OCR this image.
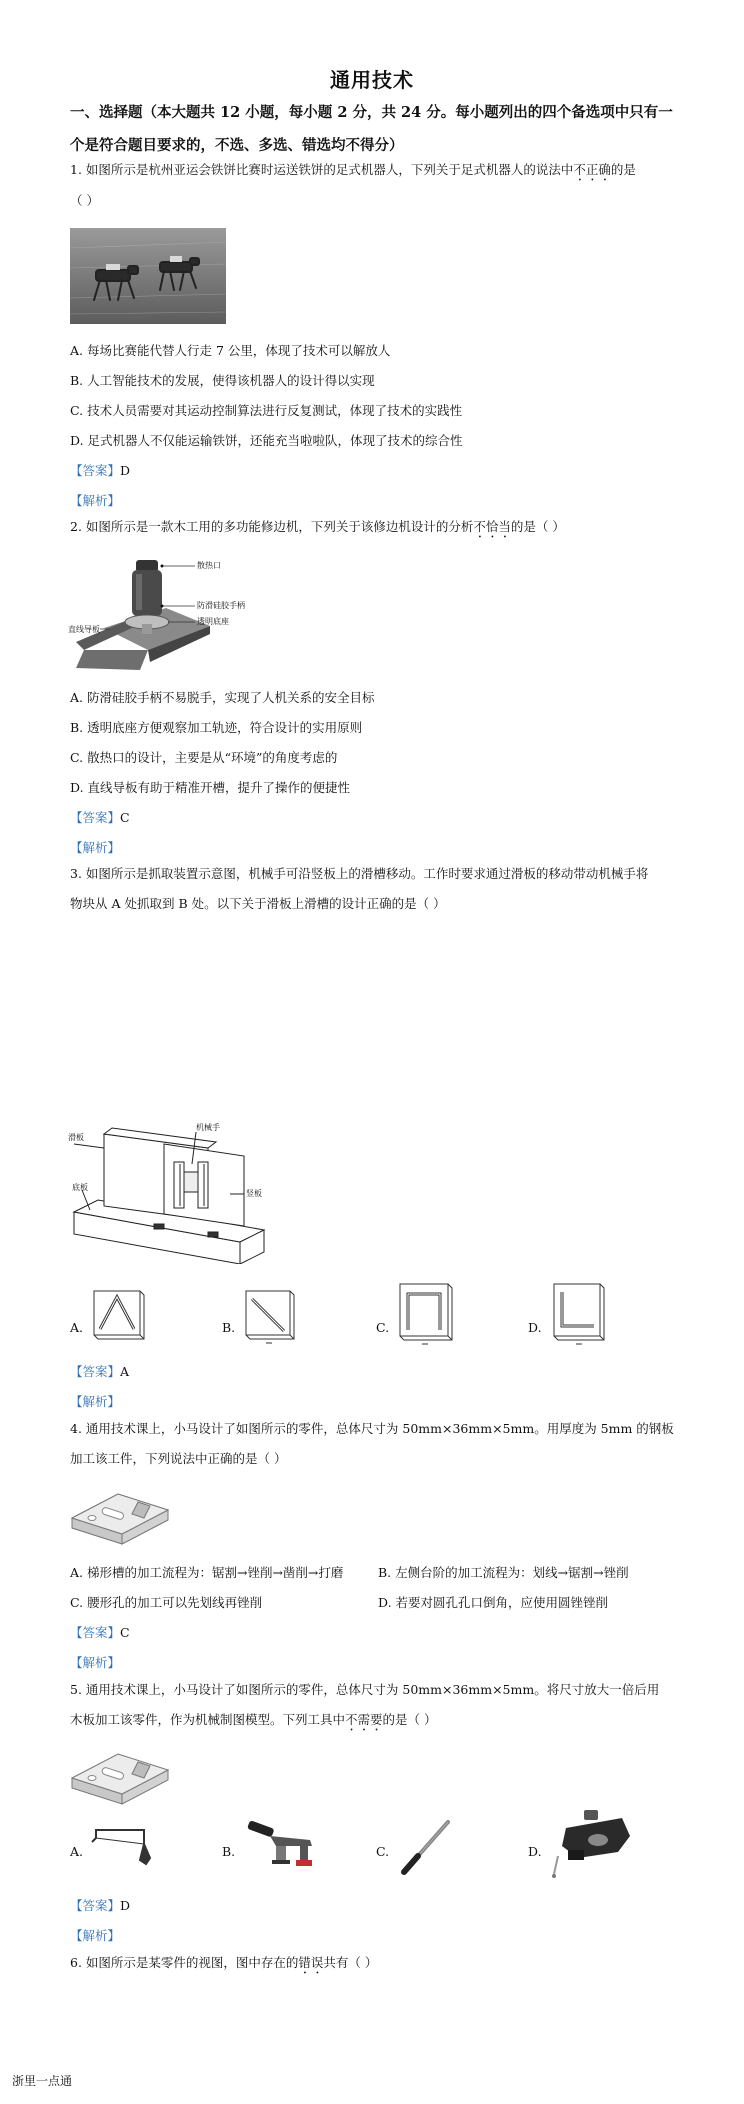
通用技术
一、选择题（本大题共 12 小题，每小题 2 分，共 24 分。每小题列出的四个备选项中只有一
个是符合题目要求的，不选、多选、错选均不得分）
1. 如图所示是杭州亚运会铁饼比赛时运送铁饼的足式机器人，下列关于足式机器人的说法中不正确的是
（ ）
A. 每场比赛能代替人行走 7 公里，体现了技术可以解放人
B. 人工智能技术的发展，使得该机器人的设计得以实现
C. 技术人员需要对其运动控制算法进行反复测试，体现了技术的实践性
D. 足式机器人不仅能运输铁饼，还能充当啦啦队，体现了技术的综合性
【答案】D
【解析】
2. 如图所示是一款木工用的多功能修边机，下列关于该修边机设计的分析不恰当的是（ ）
散热口
防滑硅胶手柄
透明底座
直线导板
A. 防滑硅胶手柄不易脱手，实现了人机关系的安全目标
B. 透明底座方便观察加工轨迹，符合设计的实用原则
C. 散热口的设计，主要是从“环境”的角度考虑的
D. 直线导板有助于精准开槽，提升了操作的便捷性
【答案】C
【解析】
3. 如图所示是抓取装置示意图，机械手可沿竖板上的滑槽移动。工作时要求通过滑板的移动带动机械手将
物块从 A 处抓取到 B 处。以下关于滑板上滑槽的设计正确的是（ ）
滑板
机械手
底板
竖板
A.	B.	C.	D.
【答案】A
【解析】
4. 通用技术课上，小马设计了如图所示的零件，总体尺寸为 50mm×36mm×5mm。用厚度为 5mm 的钢板
加工该工件，下列说法中正确的是（ ）
A. 梯形槽的加工流程为：锯割→锉削→凿削→打磨	B. 左侧台阶的加工流程为：划线→锯割→锉削
C. 腰形孔的加工可以先划线再锉削	D. 若要对圆孔孔口倒角，应使用圆锉锉削
【答案】C
【解析】
5. 通用技术课上，小马设计了如图所示的零件，总体尺寸为 50mm×36mm×5mm。将尺寸放大一倍后用
木板加工该零件，作为机械制图模型。下列工具中不需要的是（ ）
A.	B.	C.	D.
【答案】D
【解析】
6. 如图所示是某零件的视图，图中存在的错误共有（ ）
浙里一点通
